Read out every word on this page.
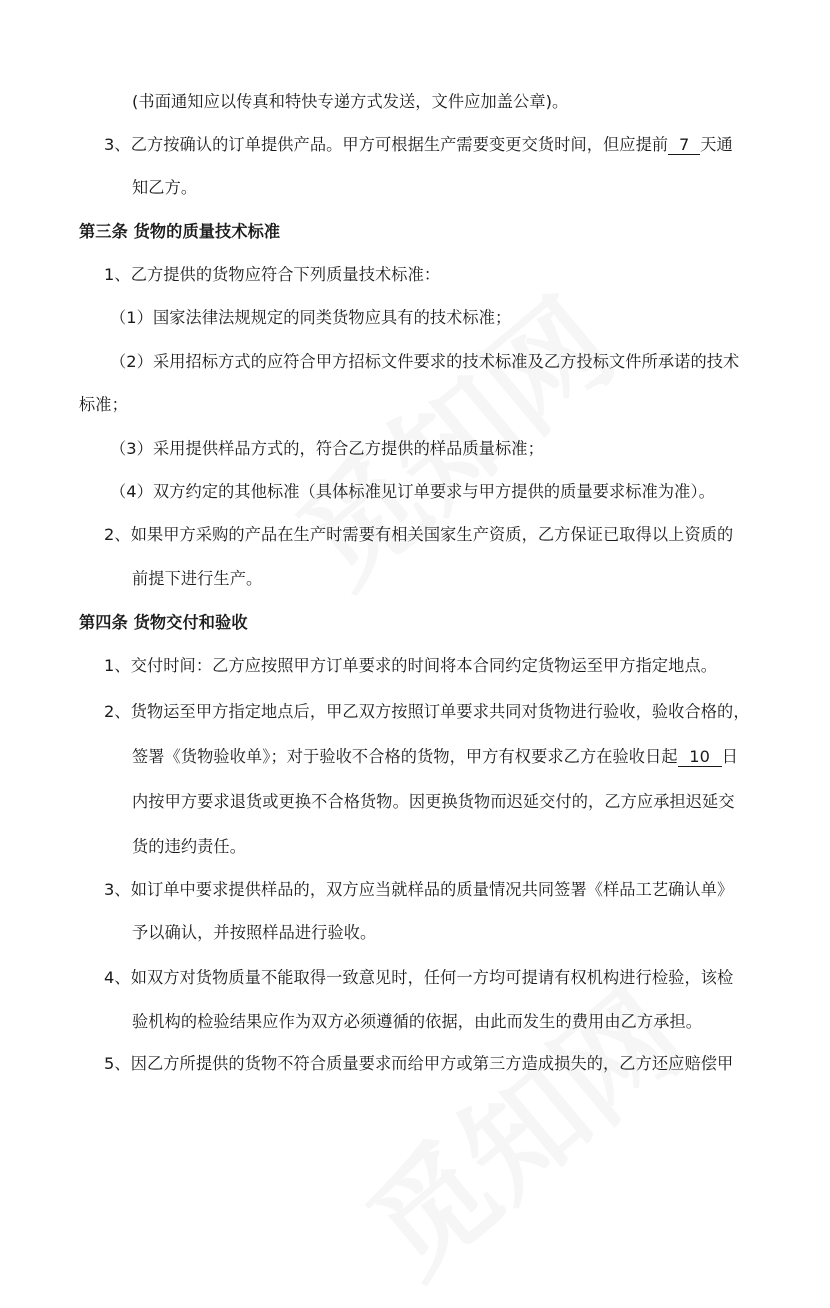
(书面通知应以传真和特快专递方式发送，文件应加盖公章)。
3、乙方按确认的订单提供产品。甲方可根据生产需要变更交货时间，但应提前 7 天通
知乙方。
第三条 货物的质量技术标准
1、乙方提供的货物应符合下列质量技术标准：
（1）国家法律法规规定的同类货物应具有的技术标准；
（2）采用招标方式的应符合甲方招标文件要求的技术标准及乙方投标文件所承诺的技术
标准；
（3）采用提供样品方式的，符合乙方提供的样品质量标准；
（4）双方约定的其他标准（具体标准见订单要求与甲方提供的质量要求标准为准）。
2、如果甲方采购的产品在生产时需要有相关国家生产资质，乙方保证已取得以上资质的
前提下进行生产。
第四条 货物交付和验收
1、交付时间：乙方应按照甲方订单要求的时间将本合同约定货物运至甲方指定地点。
2、货物运至甲方指定地点后，甲乙双方按照订单要求共同对货物进行验收，验收合格的，
签署《货物验收单》；对于验收不合格的货物，甲方有权要求乙方在验收日起 10 日
内按甲方要求退货或更换不合格货物。因更换货物而迟延交付的，乙方应承担迟延交
货的违约责任。
3、如订单中要求提供样品的，双方应当就样品的质量情况共同签署《样品工艺确认单》
予以确认，并按照样品进行验收。
4、如双方对货物质量不能取得一致意见时，任何一方均可提请有权机构进行检验，该检
验机构的检验结果应作为双方必须遵循的依据，由此而发生的费用由乙方承担。
5、因乙方所提供的货物不符合质量要求而给甲方或第三方造成损失的，乙方还应赔偿甲
